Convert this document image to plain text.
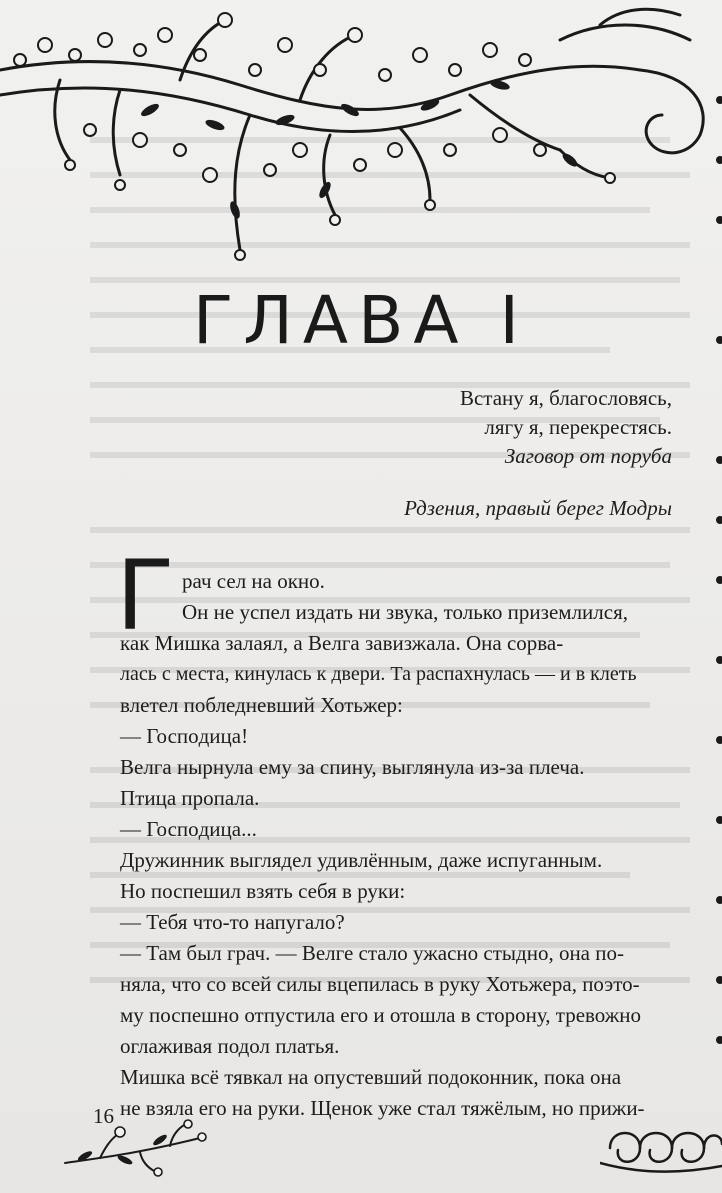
ГЛАВА I
Встану я, благословясь,
лягу я, перекрестясь.
Заговор от поруба
Рдзения, правый берег Модры
Г рач сел на окно.
Он не успел издать ни звука, только приземлился,
как Мишка залаял, а Велга завизжала. Она сорва-
лась с места, кинулась к двери. Та распахнулась — и в клеть
влетел побледневший Хотьжер:
— Госпoдица!
Велга нырнула ему за спину, выглянула из-за плеча.
Птица пропала.
— Госпoдица...
Дружинник выглядел удивлённым, даже испуганным.
Но поспешил взять себя в руки:
— Тебя что-то напугало?
— Там был грач. — Велге стало ужасно стыдно, она по-
няла, что со всей силы вцепилась в руку Хотьжера, поэто-
му поспешно отпустила его и отошла в сторону, тревожно
оглаживая подол платья.
Мишка всё тявкал на опустевший подоконник, пока она
не взяла его на руки. Щенок уже стал тяжёлым, но прижи-
16
